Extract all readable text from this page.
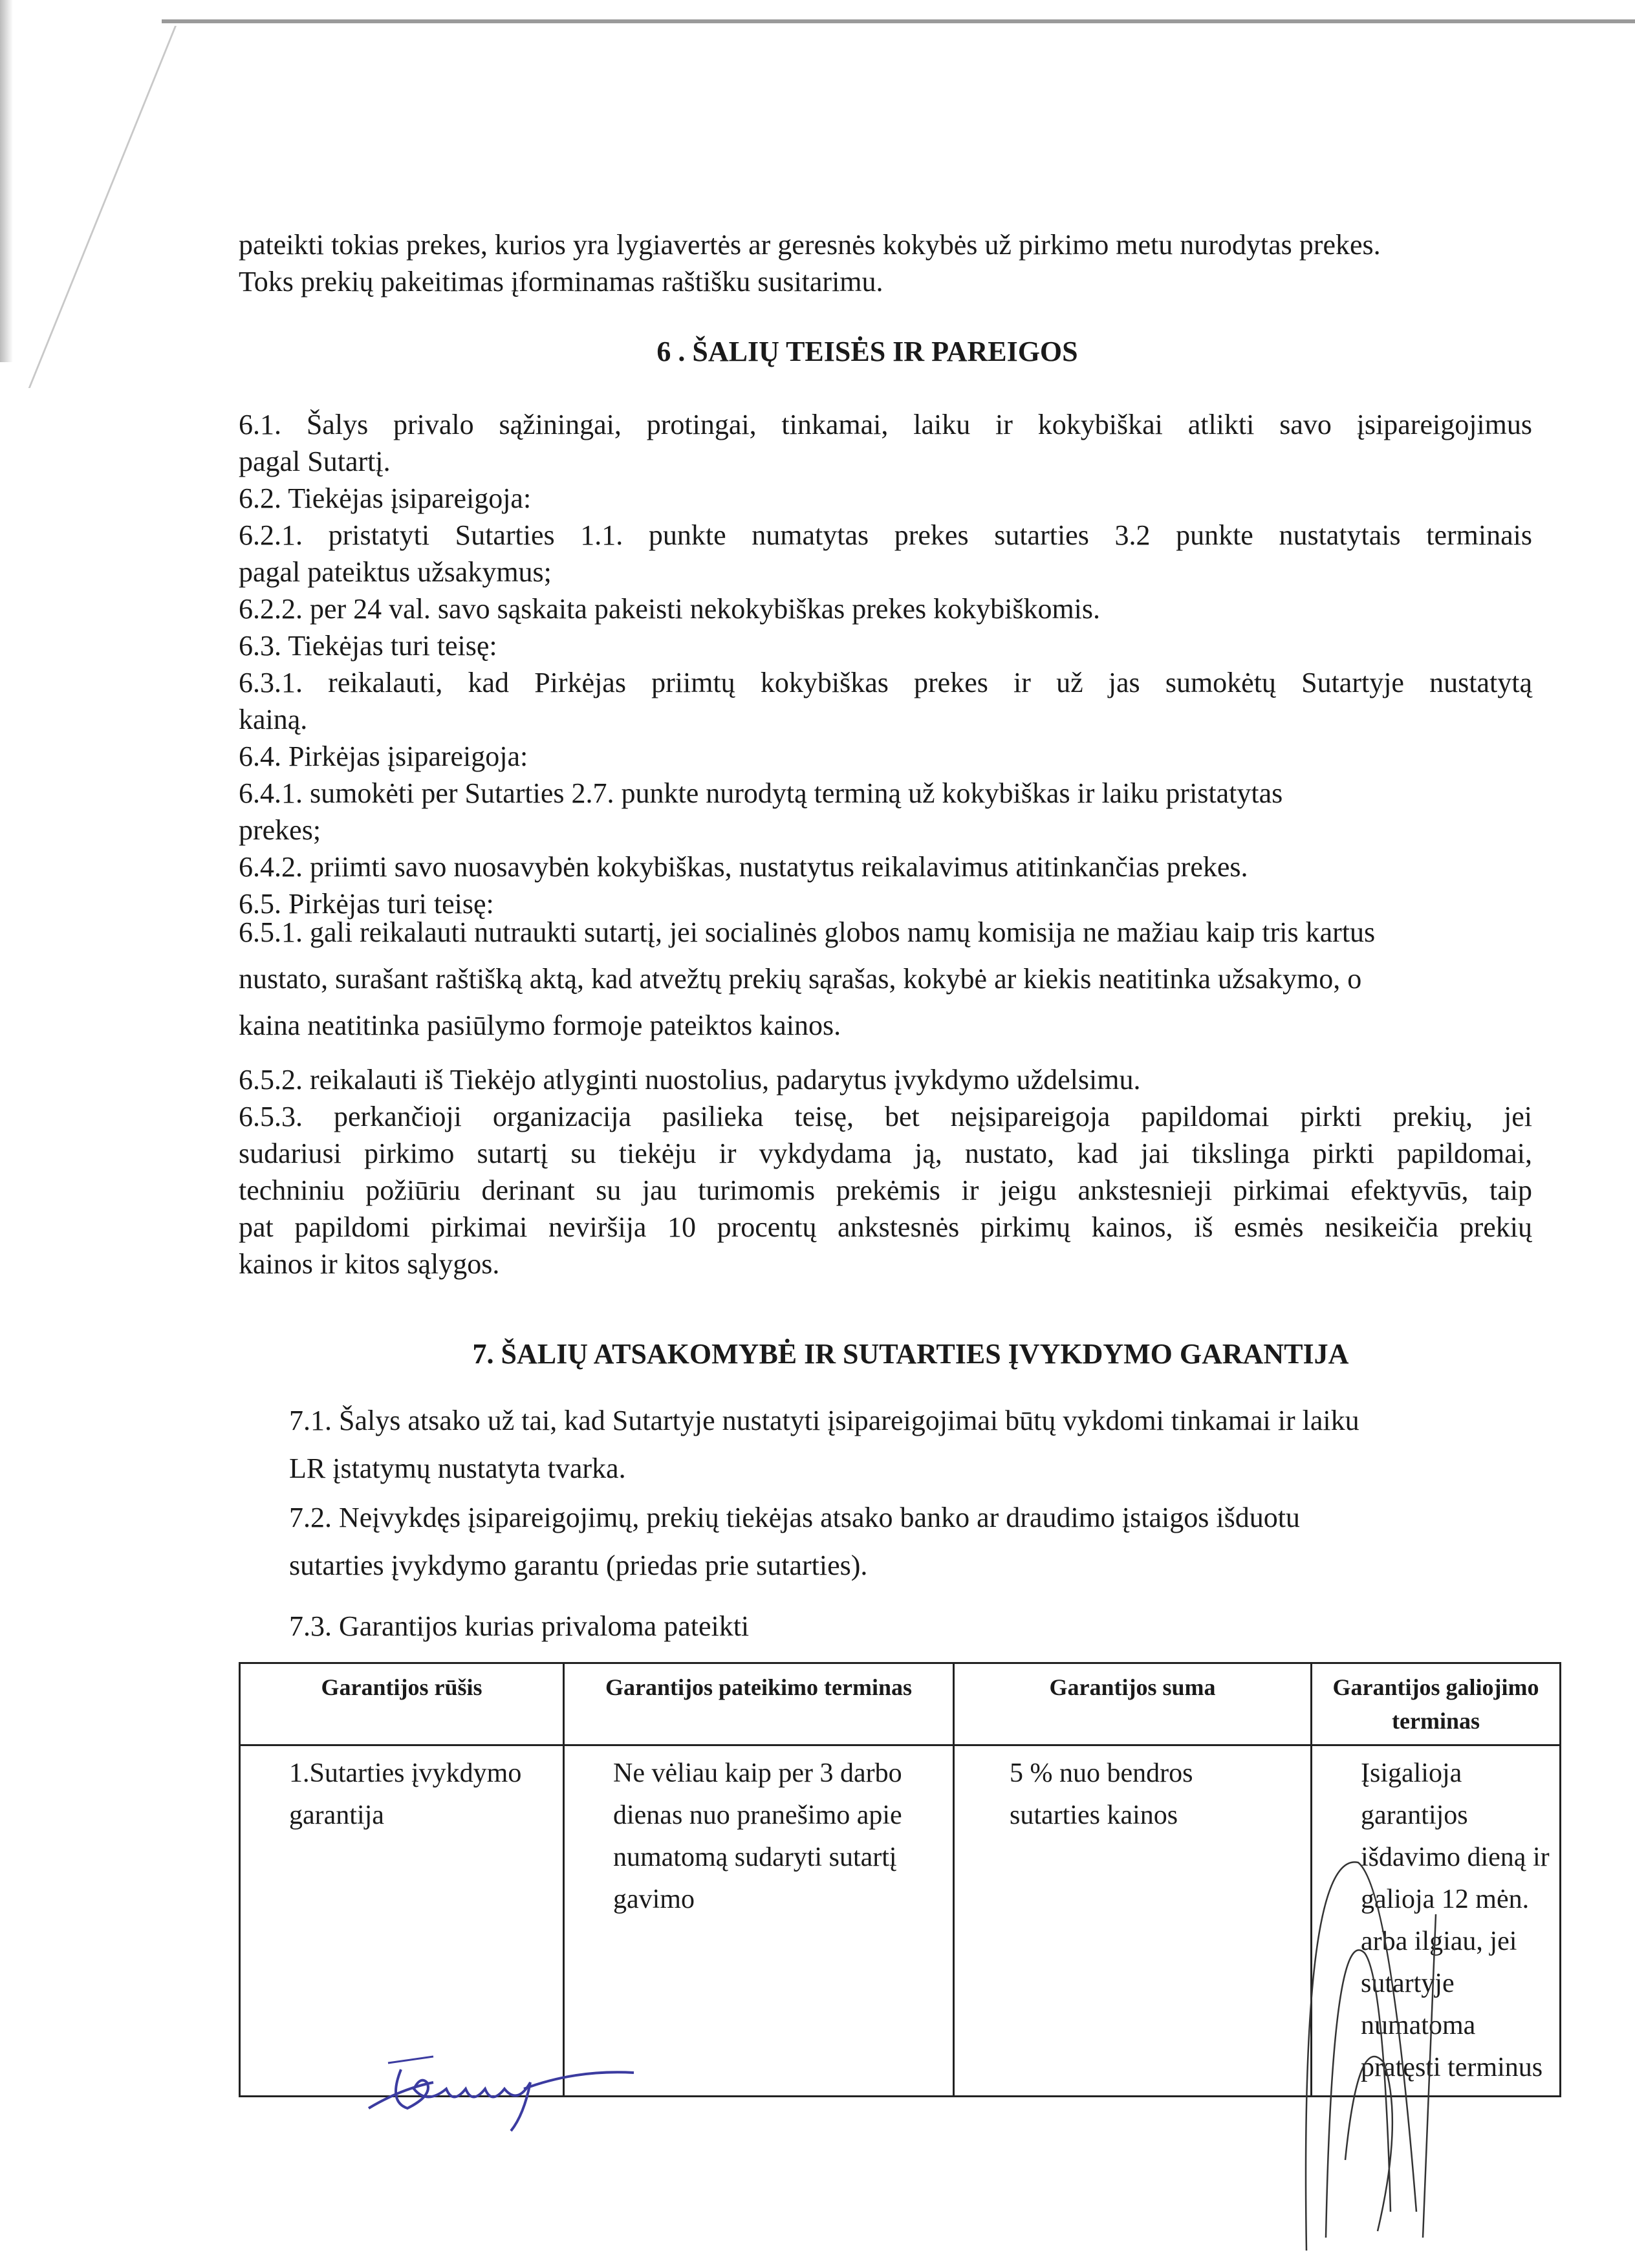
pateikti tokias prekes, kurios yra lygiavertės ar geresnės kokybės už pirkimo metu nurodytas prekes.
Toks prekių pakeitimas įforminamas raštišku susitarimu.
6 . ŠALIŲ TEISĖS IR PAREIGOS
6.1. Šalys privalo sąžiningai, protingai, tinkamai, laiku ir kokybiškai atlikti savo įsipareigojimus
pagal Sutartį.
6.2. Tiekėjas įsipareigoja:
6.2.1. pristatyti Sutarties 1.1. punkte numatytas prekes sutarties 3.2 punkte nustatytais terminais
pagal pateiktus užsakymus;
6.2.2. per 24 val. savo sąskaita pakeisti nekokybiškas prekes kokybiškomis.
6.3. Tiekėjas turi teisę:
6.3.1. reikalauti, kad Pirkėjas priimtų kokybiškas prekes ir už jas sumokėtų Sutartyje nustatytą
kainą.
6.4. Pirkėjas įsipareigoja:
6.4.1. sumokėti per Sutarties 2.7. punkte nurodytą terminą už kokybiškas ir laiku pristatytas
prekes;
6.4.2. priimti savo nuosavybėn kokybiškas, nustatytus reikalavimus atitinkančias prekes.
6.5. Pirkėjas turi teisę:
6.5.1. gali reikalauti nutraukti sutartį, jei socialinės globos namų komisija ne mažiau kaip tris kartus
nustato, surašant raštišką aktą, kad atvežtų prekių sąrašas, kokybė ar kiekis neatitinka užsakymo, o
kaina neatitinka pasiūlymo formoje pateiktos kainos.
6.5.2. reikalauti iš Tiekėjo atlyginti nuostolius, padarytus įvykdymo uždelsimu.
6.5.3. perkančioji organizacija pasilieka teisę, bet neįsipareigoja papildomai pirkti prekių, jei
sudariusi pirkimo sutartį su tiekėju ir vykdydama ją, nustato, kad jai tikslinga pirkti papildomai,
techniniu požiūriu derinant su jau turimomis prekėmis ir jeigu ankstesnieji pirkimai efektyvūs, taip
pat papildomi pirkimai neviršija 10 procentų ankstesnės pirkimų kainos, iš esmės nesikeičia prekių
kainos ir kitos sąlygos.
7. ŠALIŲ ATSAKOMYBĖ IR SUTARTIES ĮVYKDYMO GARANTIJA
7.1. Šalys atsako už tai, kad Sutartyje nustatyti įsipareigojimai būtų vykdomi tinkamai ir laiku
LR įstatymų nustatyta tvarka.
7.2. Neįvykdęs įsipareigojimų, prekių tiekėjas atsako banko ar draudimo įstaigos išduotu
sutarties įvykdymo garantu (priedas prie sutarties).
7.3. Garantijos kurias privaloma pateikti
Garantijos rūšis	Garantijos pateikimo terminas	Garantijos suma	Garantijos galiojimo terminas
1.Sutarties įvykdymo garantija	Ne vėliau kaip per 3 darbo dienas nuo pranešimo apie numatomą sudaryti sutartį gavimo	5 % nuo bendros sutarties kainos	Įsigalioja garantijos išdavimo dieną ir galioja 12 mėn. arba ilgiau, jei sutartyje numatoma pratęsti terminus
